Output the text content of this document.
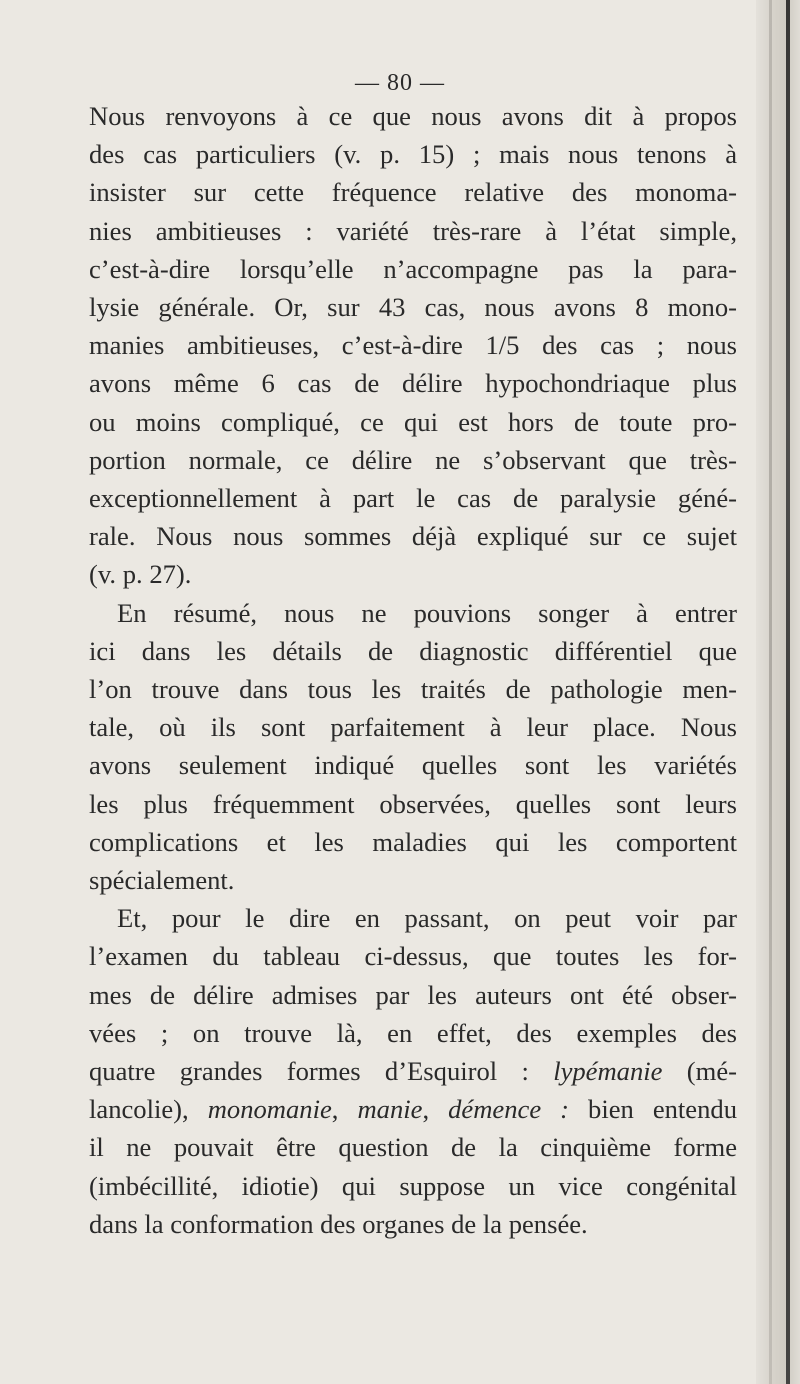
— 80 —
Nous renvoyons à ce que nous avons dit à propos
des cas particuliers (v. p. 15) ; mais nous tenons à
insister sur cette fréquence relative des monoma-
nies ambitieuses : variété très-rare à l’état simple,
c’est-à-dire lorsqu’elle n’accompagne pas la para-
lysie générale. Or, sur 43 cas, nous avons 8 mono-
manies ambitieuses, c’est-à-dire 1/5 des cas ; nous
avons même 6 cas de délire hypochondriaque plus
ou moins compliqué, ce qui est hors de toute pro-
portion normale, ce délire ne s’observant que très-
exceptionnellement à part le cas de paralysie géné-
rale. Nous nous sommes déjà expliqué sur ce sujet
(v. p. 27).
En résumé, nous ne pouvions songer à entrer
ici dans les détails de diagnostic différentiel que
l’on trouve dans tous les traités de pathologie men-
tale, où ils sont parfaitement à leur place. Nous
avons seulement indiqué quelles sont les variétés
les plus fréquemment observées, quelles sont leurs
complications et les maladies qui les comportent
spécialement.
Et, pour le dire en passant, on peut voir par
l’examen du tableau ci-dessus, que toutes les for-
mes de délire admises par les auteurs ont été obser-
vées ; on trouve là, en effet, des exemples des
quatre grandes formes d’Esquirol : lypémanie (mé-
lancolie), monomanie, manie, démence : bien entendu
il ne pouvait être question de la cinquième forme
(imbécillité, idiotie) qui suppose un vice congénital
dans la conformation des organes de la pensée.
